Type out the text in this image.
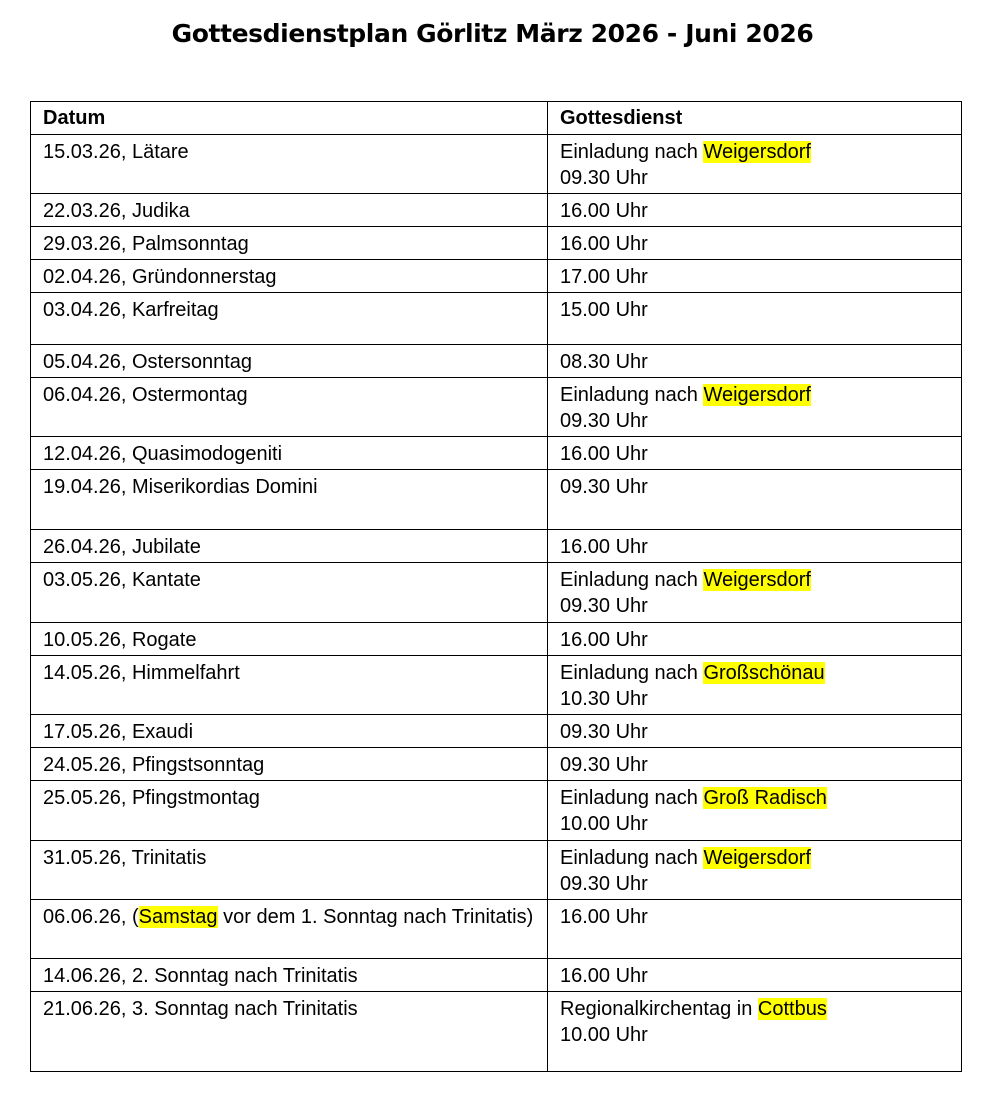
Gottesdienstplan Görlitz März 2026 - Juni 2026
Datum	Gottesdienst
15.03.26, Lätare	Einladung nach Weigersdorf
09.30 Uhr

22.03.26, Judika	16.00 Uhr

29.03.26, Palmsonntag	16.00 Uhr

02.04.26, Gründonnerstag	17.00 Uhr

03.04.26, Karfreitag	15.00 Uhr

05.04.26, Ostersonntag	08.30 Uhr

06.04.26, Ostermontag	Einladung nach Weigersdorf
09.30 Uhr

12.04.26, Quasimodogeniti	16.00 Uhr

19.04.26, Miserikordias Domini	09.30 Uhr

26.04.26, Jubilate	16.00 Uhr

03.05.26, Kantate	Einladung nach Weigersdorf
09.30 Uhr

10.05.26, Rogate	16.00 Uhr

14.05.26, Himmelfahrt	Einladung nach Großschönau
10.30 Uhr

17.05.26, Exaudi	09.30 Uhr

24.05.26, Pfingstsonntag	09.30 Uhr

25.05.26, Pfingstmontag	Einladung nach Groß Radisch
10.00 Uhr

31.05.26, Trinitatis	Einladung nach Weigersdorf
09.30 Uhr

06.06.26, (Samstag vor dem 1. Sonntag nach Trinitatis)	16.00 Uhr

14.06.26, 2. Sonntag nach Trinitatis	16.00 Uhr

21.06.26, 3. Sonntag nach Trinitatis	Regionalkirchentag in Cottbus
10.00 Uhr
